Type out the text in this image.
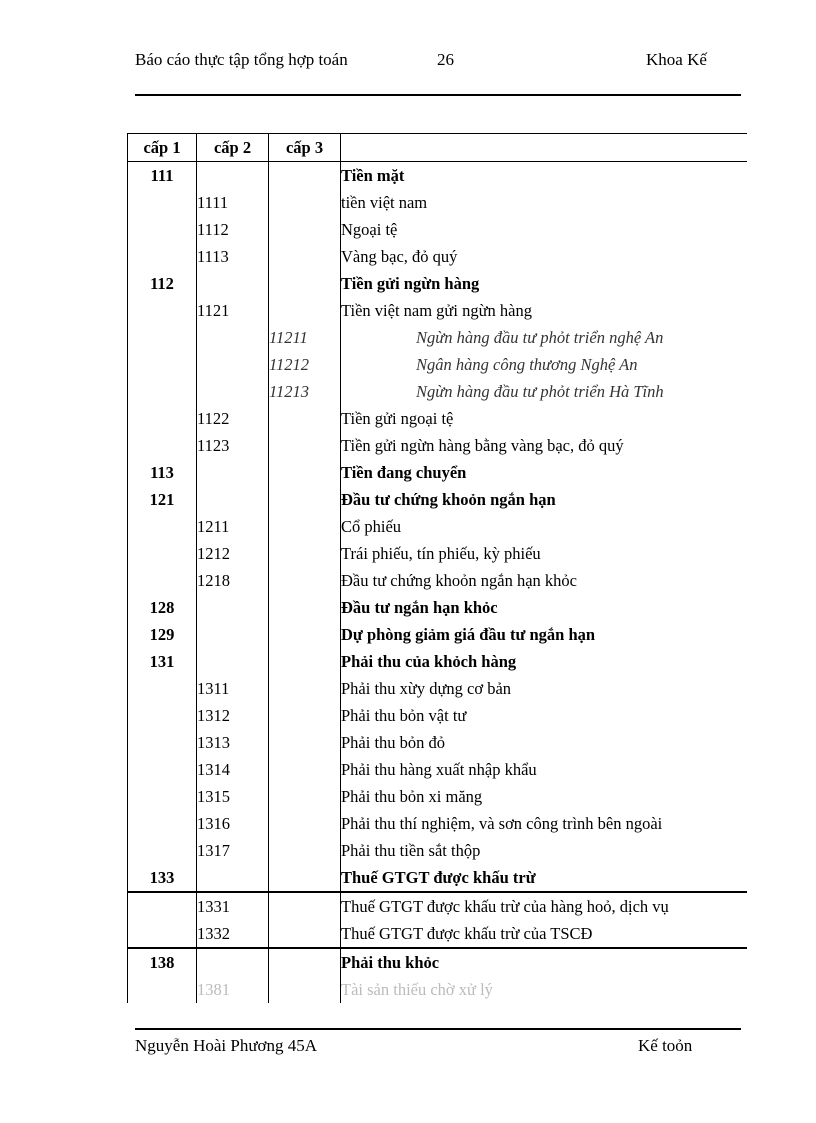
Báo cáo thực tập tổng hợp toán	26	Khoa Kế
cấp 1	cấp 2	cấp 3	
111			Tiền mặt
	1111		tiền việt nam
	1112		Ngoại tệ
	1113		Vàng bạc, đỏ quý
112			Tiền gửi ngừn hàng
	1121		Tiền việt nam gửi ngừn hàng
		11211	Ngừn hàng đầu tư phỏt triển nghệ An
		11212	Ngân hàng công thương Nghệ An
		11213	Ngừn hàng đầu tư phỏt triển Hà Tĩnh
	1122		Tiền gửi ngoại tệ
	1123		Tiền gửi ngừn hàng bằng vàng bạc, đỏ quý
113			Tiền đang chuyển
121			Đầu tư chứng khoỏn ngắn hạn
	1211		Cổ phiếu
	1212		Trái phiếu, tín phiếu, kỳ phiếu
	1218		Đầu tư chứng khoỏn ngắn hạn khỏc
128			Đầu tư ngắn hạn khỏc
129			Dự phòng giảm giá đầu tư ngắn hạn
131			Phải thu của khỏch hàng
	1311		Phải thu xừy dựng cơ bản
	1312		Phải thu bỏn vật tư
	1313		Phải thu bỏn đỏ
	1314		Phải thu hàng xuất nhập khẩu
	1315		Phải thu bỏn xi măng
	1316		Phải thu thí nghiệm, và sơn công trình bên ngoài
	1317		Phải thu tiền sắt thộp
133			Thuế GTGT được khấu trừ
	1331		Thuế GTGT được khấu trừ của hàng hoỏ, dịch vụ
	1332		Thuế GTGT được khấu trừ của TSCĐ
138			Phải thu khỏc
	1381		Tài sản thiếu chờ xử lý
Nguyễn Hoài Phương 45A	Kế toỏn
